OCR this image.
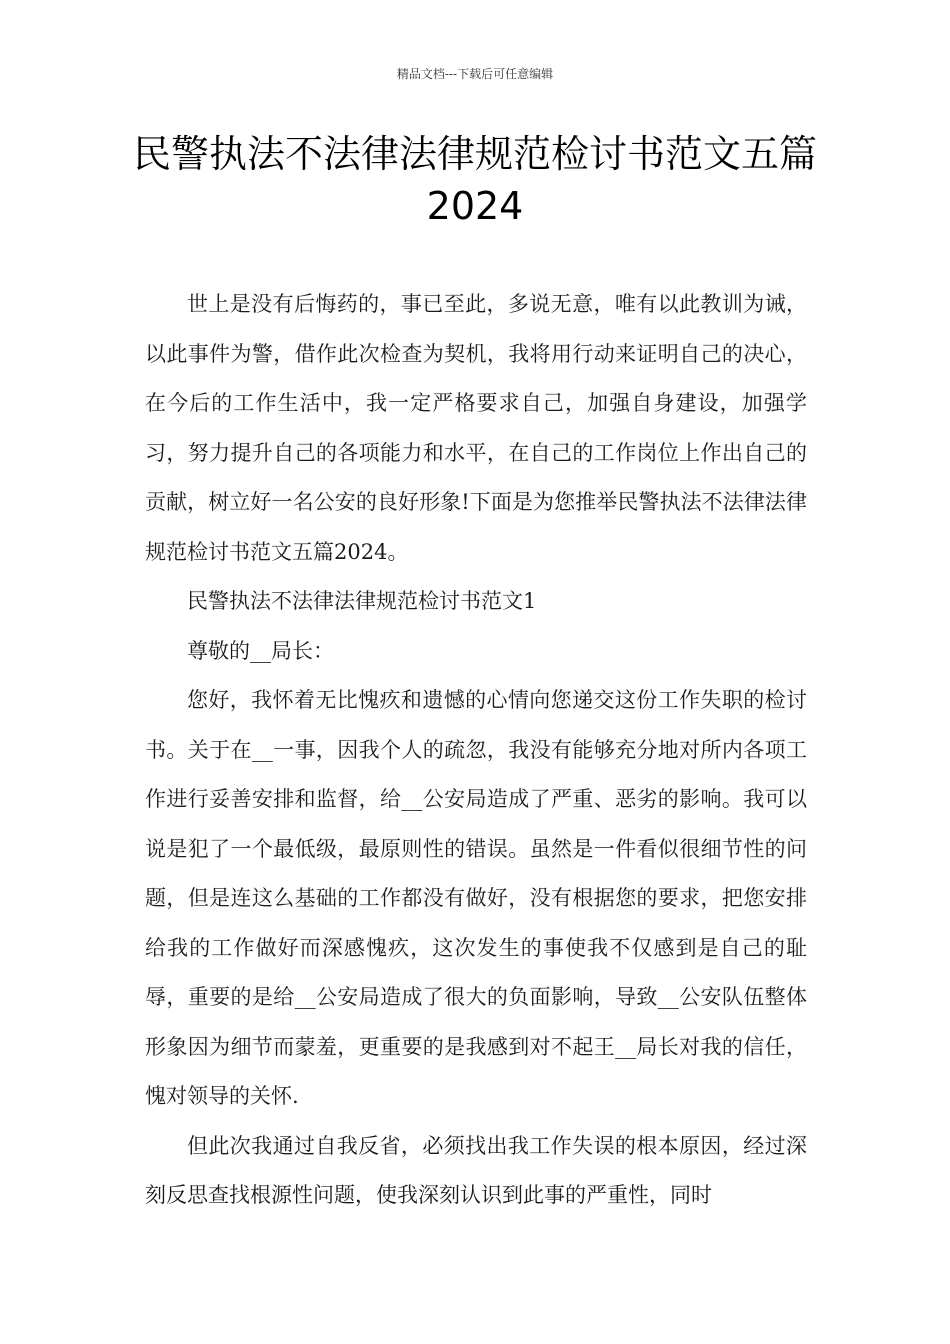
精品文档---下载后可任意编辑
民警执法不法律法律规范检讨书范文五篇2024

世上是没有后悔药的，事已至此，多说无意，唯有以此教训为诫，以此事件为警，借作此次检查为契机，我将用行动来证明自己的决心，在今后的工作生活中，我一定严格要求自己，加强自身建设，加强学习，努力提升自己的各项能力和水平，在自己的工作岗位上作出自己的贡献，树立好一名公安的良好形象!下面是为您推举民警执法不法律法律规范检讨书范文五篇2024。

民警执法不法律法律规范检讨书范文1

尊敬的__局长：

您好，我怀着无比愧疚和遗憾的心情向您递交这份工作失职的检讨书。关于在__一事，因我个人的疏忽，我没有能够充分地对所内各项工作进行妥善安排和监督，给__公安局造成了严重、恶劣的影响。我可以说是犯了一个最低级，最原则性的错误。虽然是一件看似很细节性的问题，但是连这么基础的工作都没有做好，没有根据您的要求，把您安排给我的工作做好而深感愧疚，这次发生的事使我不仅感到是自己的耻辱，重要的是给__公安局造成了很大的负面影响，导致__公安队伍整体形象因为细节而蒙羞，更重要的是我感到对不起王__局长对我的信任，愧对领导的关怀.

但此次我通过自我反省，必须找出我工作失误的根本原因，经过深刻反思查找根源性问题，使我深刻认识到此事的严重性，同时
